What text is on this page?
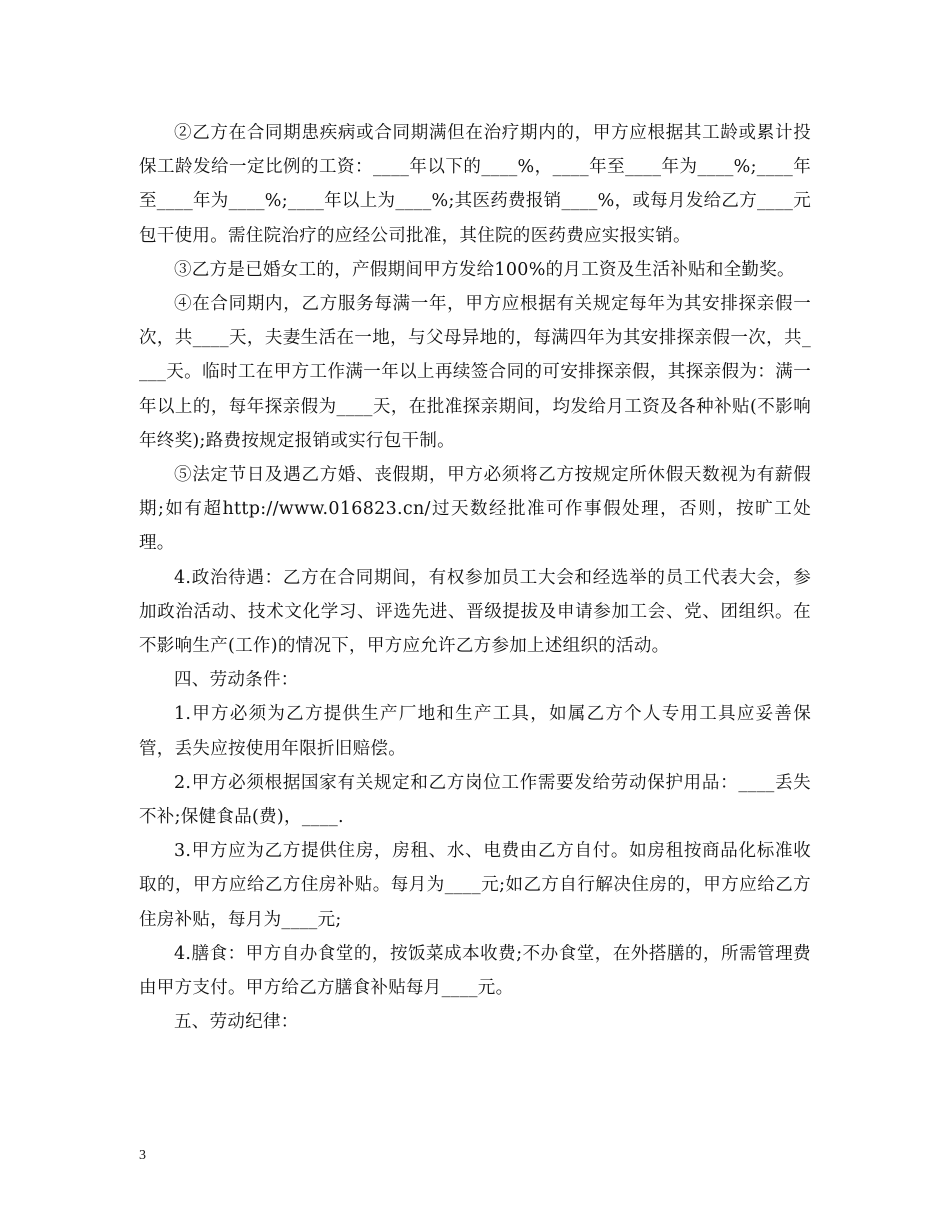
②乙方在合同期患疾病或合同期满但在治疗期内的，甲方应根据其工龄或累计投保工龄发给一定比例的工资：____年以下的____%，____年至____年为____%;____年至____年为____%;____年以上为____%;其医药费报销____%，或每月发给乙方____元包干使用。需住院治疗的应经公司批准，其住院的医药费应实报实销。

③乙方是已婚女工的，产假期间甲方发给100%的月工资及生活补贴和全勤奖。

④在合同期内，乙方服务每满一年，甲方应根据有关规定每年为其安排探亲假一次，共____天，夫妻生活在一地，与父母异地的，每满四年为其安排探亲假一次，共____天。临时工在甲方工作满一年以上再续签合同的可安排探亲假，其探亲假为：满一年以上的，每年探亲假为____天，在批准探亲期间，均发给月工资及各种补贴(不影响年终奖);路费按规定报销或实行包干制。

⑤法定节日及遇乙方婚、丧假期，甲方必须将乙方按规定所休假天数视为有薪假期;如有超http://www.016823.cn/过天数经批准可作事假处理，否则，按旷工处理。

4.政治待遇：乙方在合同期间，有权参加员工大会和经选举的员工代表大会，参加政治活动、技术文化学习、评选先进、晋级提拔及申请参加工会、党、团组织。在不影响生产(工作)的情况下，甲方应允许乙方参加上述组织的活动。

四、劳动条件：

1.甲方必须为乙方提供生产厂地和生产工具，如属乙方个人专用工具应妥善保管，丢失应按使用年限折旧赔偿。

2.甲方必须根据国家有关规定和乙方岗位工作需要发给劳动保护用品：____丢失不补;保健食品(费)，____.

3.甲方应为乙方提供住房，房租、水、电费由乙方自付。如房租按商品化标准收取的，甲方应给乙方住房补贴。每月为____元;如乙方自行解决住房的，甲方应给乙方住房补贴，每月为____元;

4.膳食：甲方自办食堂的，按饭菜成本收费;不办食堂，在外搭膳的，所需管理费由甲方支付。甲方给乙方膳食补贴每月____元。

五、劳动纪律：

3
